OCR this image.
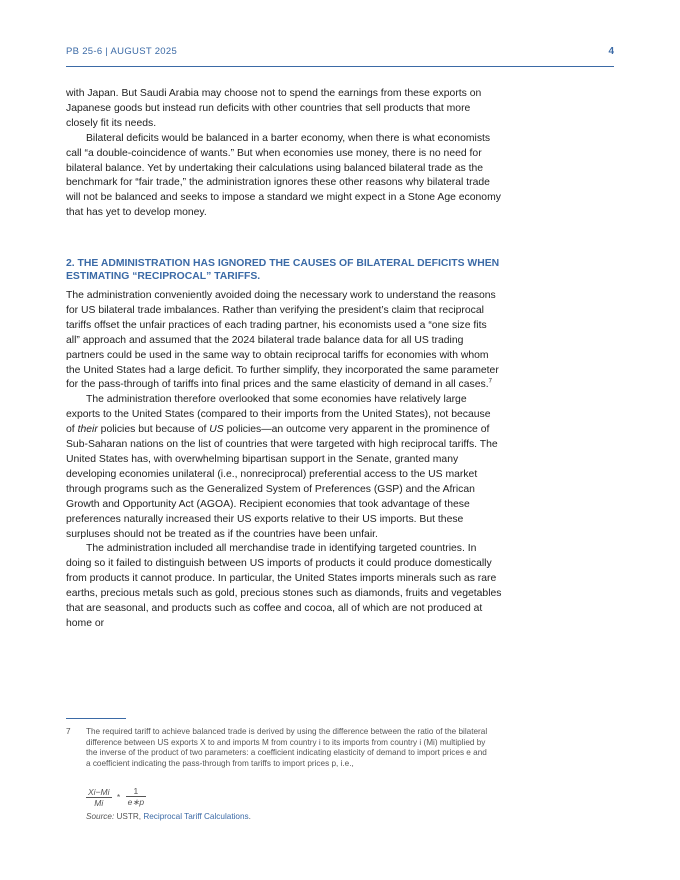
PB 25-6 | AUGUST 2025	4

with Japan. But Saudi Arabia may choose not to spend the earnings from these exports on Japanese goods but instead run deficits with other countries that sell products that more closely fit its needs.

Bilateral deficits would be balanced in a barter economy, when there is what economists call “a double-coincidence of wants.” But when economies use money, there is no need for bilateral balance. Yet by undertaking their calculations using balanced bilateral trade as the benchmark for “fair trade,” the administration ignores these other reasons why bilateral trade will not be balanced and seeks to impose a standard we might expect in a Stone Age economy that has yet to develop money.

2. THE ADMINISTRATION HAS IGNORED THE CAUSES OF BILATERAL DEFICITS WHEN ESTIMATING “RECIPROCAL” TARIFFS.

The administration conveniently avoided doing the necessary work to understand the reasons for US bilateral trade imbalances. Rather than verifying the president’s claim that reciprocal tariffs offset the unfair practices of each trading partner, his economists used a “one size fits all” approach and assumed that the 2024 bilateral trade balance data for all US trading partners could be used in the same way to obtain reciprocal tariffs for economies with whom the United States had a large deficit. To further simplify, they incorporated the same parameter for the pass-through of tariffs into final prices and the same elasticity of demand in all cases.$^7$

The administration therefore overlooked that some economies have relatively large exports to the United States (compared to their imports from the United States), not because of their policies but because of US policies—an outcome very apparent in the prominence of Sub-Saharan nations on the list of countries that were targeted with high reciprocal tariffs. The United States has, with overwhelming bipartisan support in the Senate, granted many developing economies unilateral (i.e., nonreciprocal) preferential access to the US market through programs such as the Generalized System of Preferences (GSP) and the African Growth and Opportunity Act (AGOA). Recipient economies that took advantage of these preferences naturally increased their US exports relative to their US imports. But these surpluses should not be treated as if the countries have been unfair.

The administration included all merchandise trade in identifying targeted countries. In doing so it failed to distinguish between US imports of products it could produce domestically from products it cannot produce. In particular, the United States imports minerals such as rare earths, precious metals such as gold, precious stones such as diamonds, fruits and vegetables that are seasonal, and products such as coffee and cocoa, all of which are not produced at home or

7 The required tariff to achieve balanced trade is derived by using the difference between the ratio of the bilateral difference between US exports X to and imports M from country i to its imports from country i (Mi) multiplied by the inverse of the product of two parameters: a coefficient indicating elasticity of demand to import prices e and a coefficient indicating the pass-through from tariffs to import prices p, i.e.,
$\frac{Xi-Mi}{Mi} * \frac{1}{e∗p}$
Source: USTR, Reciprocal Tariff Calculations.
